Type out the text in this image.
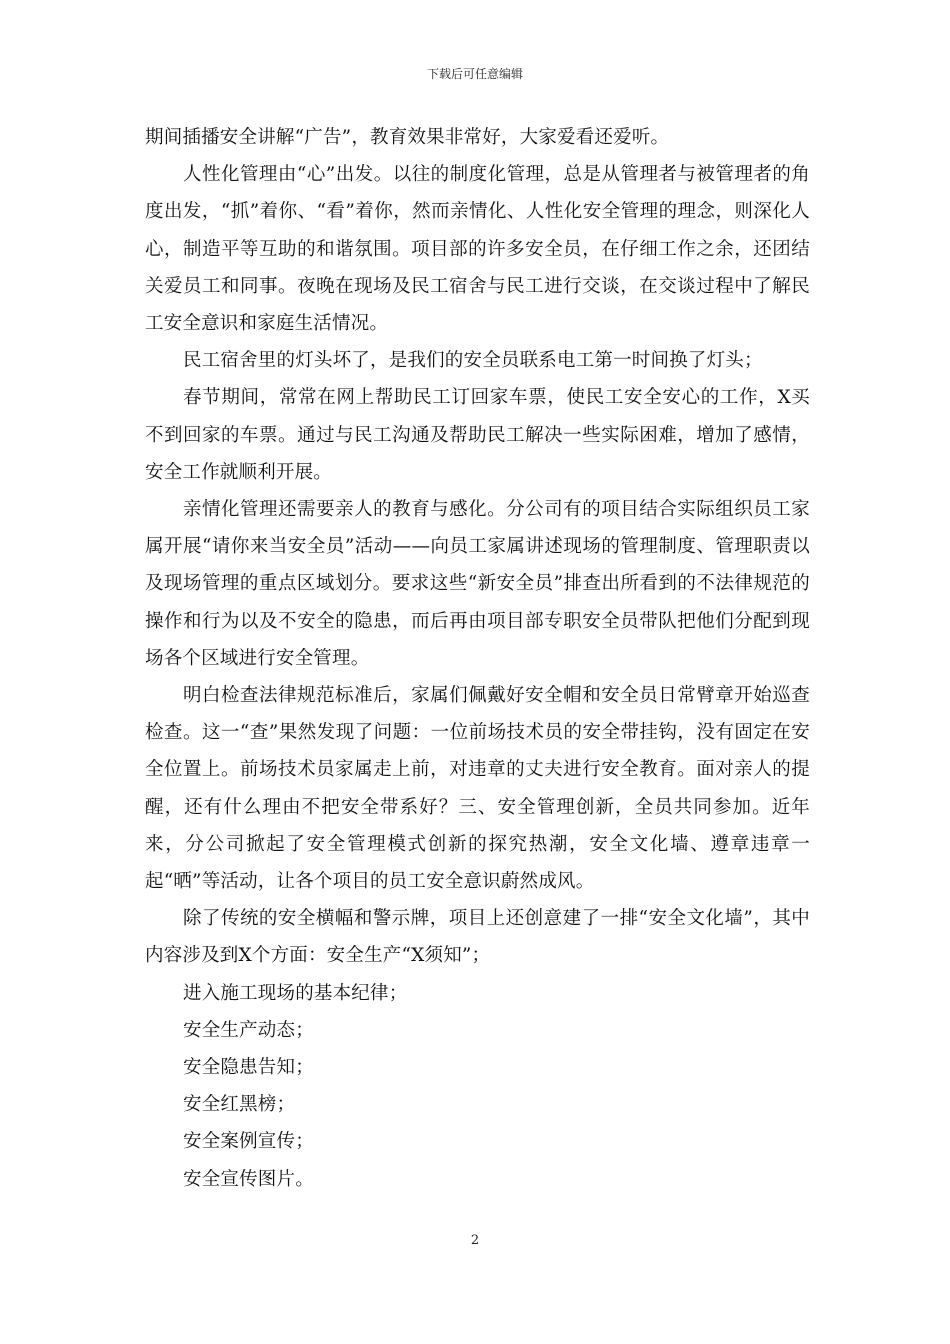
下载后可任意编辑

期间插播安全讲解“广告”，教育效果非常好，大家爱看还爱听。

人性化管理由“心”出发。以往的制度化管理，总是从管理者与被管理者的角度出发，“抓”着你、“看”着你，然而亲情化、人性化安全管理的理念，则深化人心，制造平等互助的和谐氛围。项目部的许多安全员，在仔细工作之余，还团结关爱员工和同事。夜晚在现场及民工宿舍与民工进行交谈，在交谈过程中了解民工安全意识和家庭生活情况。

民工宿舍里的灯头坏了，是我们的安全员联系电工第一时间换了灯头；

春节期间，常常在网上帮助民工订回家车票，使民工安全安心的工作，X买不到回家的车票。通过与民工沟通及帮助民工解决一些实际困难，增加了感情，安全工作就顺利开展。

亲情化管理还需要亲人的教育与感化。分公司有的项目结合实际组织员工家属开展“请你来当安全员”活动——向员工家属讲述现场的管理制度、管理职责以及现场管理的重点区域划分。要求这些“新安全员”排查出所看到的不法律规范的操作和行为以及不安全的隐患，而后再由项目部专职安全员带队把他们分配到现场各个区域进行安全管理。

明白检查法律规范标准后，家属们佩戴好安全帽和安全员日常臂章开始巡查检查。这一“查”果然发现了问题：一位前场技术员的安全带挂钩，没有固定在安全位置上。前场技术员家属走上前，对违章的丈夫进行安全教育。面对亲人的提醒，还有什么理由不把安全带系好？三、安全管理创新，全员共同参加。近年来，分公司掀起了安全管理模式创新的探究热潮，安全文化墙、遵章违章一起“晒”等活动，让各个项目的员工安全意识蔚然成风。

除了传统的安全横幅和警示牌，项目上还创意建了一排“安全文化墙”，其中内容涉及到X个方面：安全生产“X须知”；

进入施工现场的基本纪律；

安全生产动态；

安全隐患告知；

安全红黑榜；

安全案例宣传；

安全宣传图片。

2
